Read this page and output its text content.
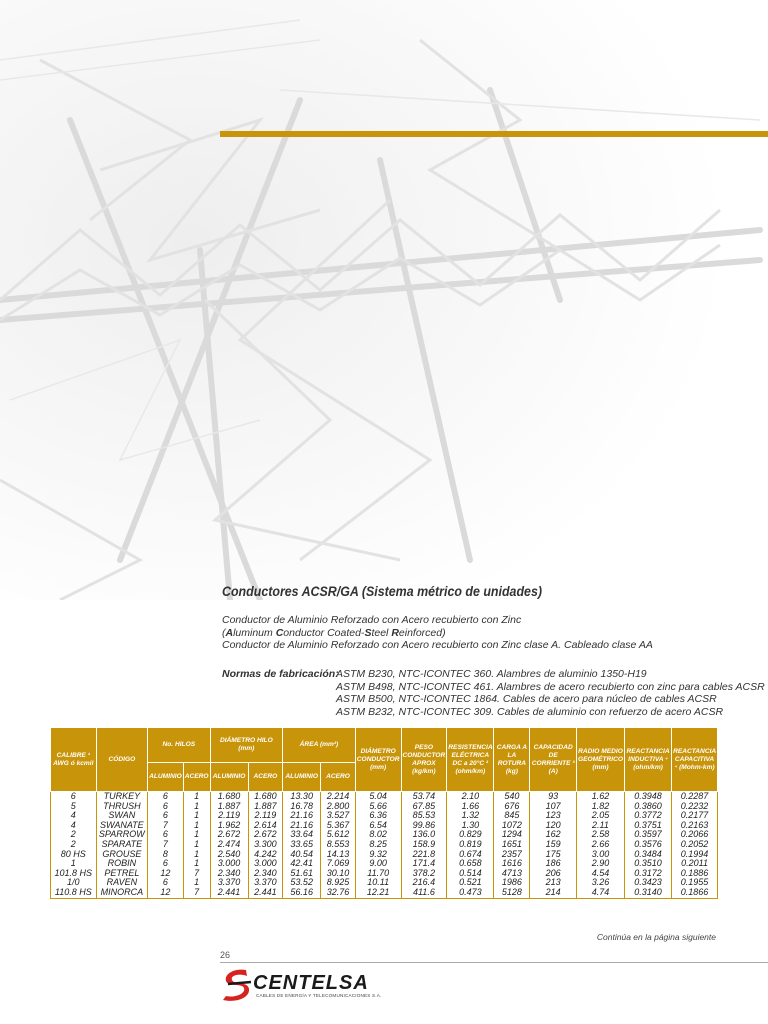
Conductores ACSR/GA (Sistema métrico de unidades)
Conductor de Aluminio Reforzado con Acero recubierto con Zinc
(Aluminum Conductor Coated-Steel Reinforced)
Conductor de Aluminio Reforzado con Acero recubierto con Zinc clase A. Cableado clase AA
Normas de fabricación:ASTM B230, NTC-ICONTEC 360. Alambres de aluminio 1350-H19
ASTM B498, NTC-ICONTEC 461. Alambres de acero recubierto con zinc para cables ACSR
ASTM B500, NTC-ICONTEC 1864. Cables de acero para núcleo de cables ACSR
ASTM B232, NTC-ICONTEC 309. Cables de aluminio con refuerzo de acero ACSR
CALIBRE ¹ AWG ó kcmil	CÓDIGO	No. HILOS		DIÁMETRO HILO (mm)		ÁREA (mm²)		DIÁMETRO CONDUCTOR (mm)	PESO CONDUCTOR APROX (kg/km)	RESISTENCIA ELÉCTRICA DC a 20°C ² (ohm/km)	CARGA A LA ROTURA (kg)	CAPACIDAD DE CORRIENTE ³ (A)	RADIO MEDIO GEOMÉTRICO (mm)	REACTANCIA INDUCTIVA ⁴ (ohm/km)	REACTANCIA CAPACITIVA ⁴ (Mohm-km)
		ALUMINIO	ACERO	ALUMINIO	ACERO	ALUMINIO	ACERO								
6	TURKEY	6	1	1.680	1.680	13.30	2.214	5.04	53.74	2.10	540	93	1.62	0.3948	0.2287
5	THRUSH	6	1	1.887	1.887	16.78	2.800	5.66	67.85	1.66	676	107	1.82	0.3860	0.2232
4	SWAN	6	1	2.119	2.119	21.16	3.527	6.36	85.53	1.32	845	123	2.05	0.3772	0.2177
4	SWANATE	7	1	1.962	2.614	21.16	5.367	6.54	99.86	1.30	1072	120	2.11	0.3751	0.2163
2	SPARROW	6	1	2.672	2.672	33.64	5.612	8.02	136.0	0.829	1294	162	2.58	0.3597	0.2066
2	SPARATE	7	1	2.474	3.300	33.65	8.553	8.25	158.9	0.819	1651	159	2.66	0.3576	0.2052
80 HS	GROUSE	8	1	2.540	4.242	40.54	14.13	9.32	221.8	0.674	2357	175	3.00	0.3484	0.1994
1	ROBIN	6	1	3.000	3.000	42.41	7.069	9.00	171.4	0.658	1616	186	2.90	0.3510	0.2011
101.8 HS	PETREL	12	7	2.340	2.340	51.61	30.10	11.70	378.2	0.514	4713	206	4.54	0.3172	0.1886
1/0	RAVEN	6	1	3.370	3.370	53.52	8.925	10.11	216.4	0.521	1986	213	3.26	0.3423	0.1955
110.8 HS	MINORCA	12	7	2.441	2.441	56.16	32.76	12.21	411.6	0.473	5128	214	4.74	0.3140	0.1866
Continúa en la página siguiente
26
CENTELSA
CABLES DE ENERGÍA Y TELECOMUNICACIONES S.A.
